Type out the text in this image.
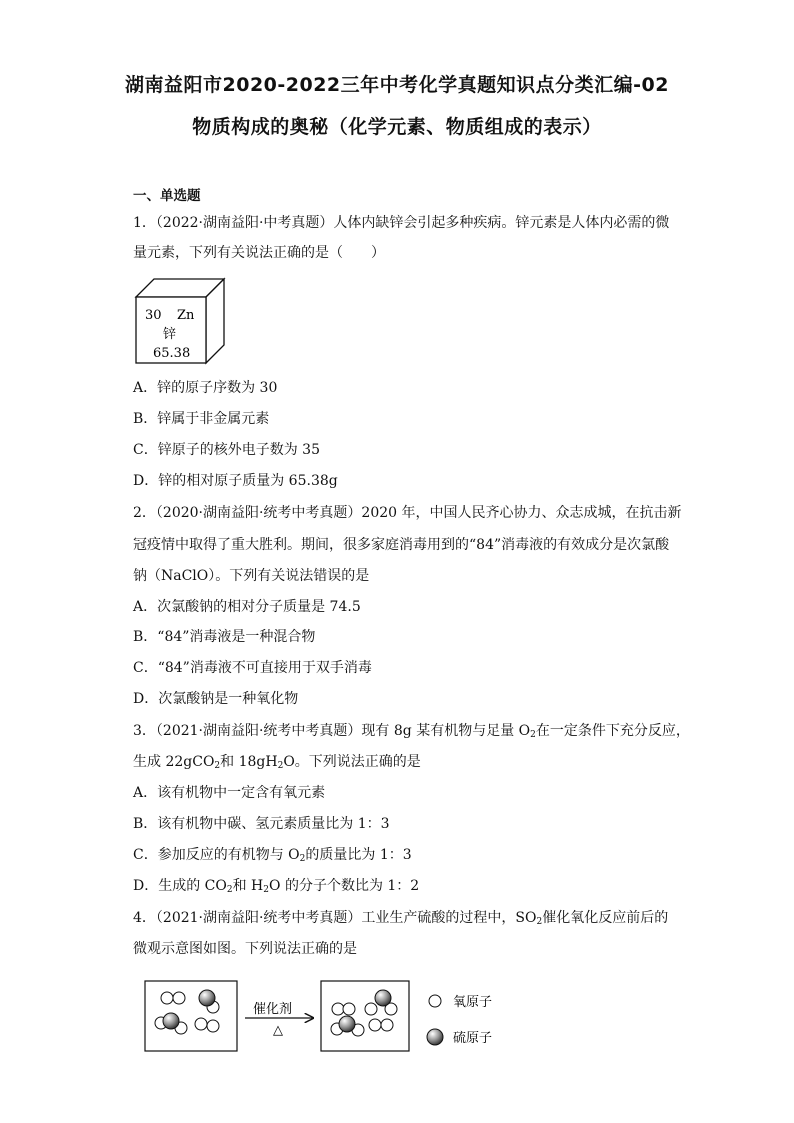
湖南益阳市2020-2022三年中考化学真题知识点分类汇编-02
物质构成的奥秘（化学元素、物质组成的表示）
一、单选题
1．（2022·湖南益阳·中考真题）人体内缺锌会引起多种疾病。锌元素是人体内必需的微
量元素，下列有关说法正确的是（　　）
30 Zn
锌
65.38
A．锌的原子序数为 30
B．锌属于非金属元素
C．锌原子的核外电子数为 35
D．锌的相对原子质量为 65.38g
2．（2020·湖南益阳·统考中考真题）2020 年，中国人民齐心协力、众志成城，在抗击新
冠疫情中取得了重大胜利。期间，很多家庭消毒用到的“84”消毒液的有效成分是次氯酸
钠（NaClO）。下列有关说法错误的是
A．次氯酸钠的相对分子质量是 74.5
B．“84”消毒液是一种混合物
C．“84”消毒液不可直接用于双手消毒
D．次氯酸钠是一种氧化物
3．（2021·湖南益阳·统考中考真题）现有 8g 某有机物与足量 $O_2$在一定条件下充分反应，
生成 22gCO$_2$和 $18gH_2O$。下列说法正确的是
A．该有机物中一定含有氧元素
B．该有机物中碳、氢元素质量比为 1：3
C．参加反应的有机物与 $O_2$的质量比为 1：3
D．生成的 $CO_2$和 $H_2O$ 的分子个数比为 1：2
4．（2021·湖南益阳·统考中考真题）工业生产硫酸的过程中，$SO_2$催化氧化反应前后的
微观示意图如图。下列说法正确的是
催化剂
△
氧原子
硫原子
